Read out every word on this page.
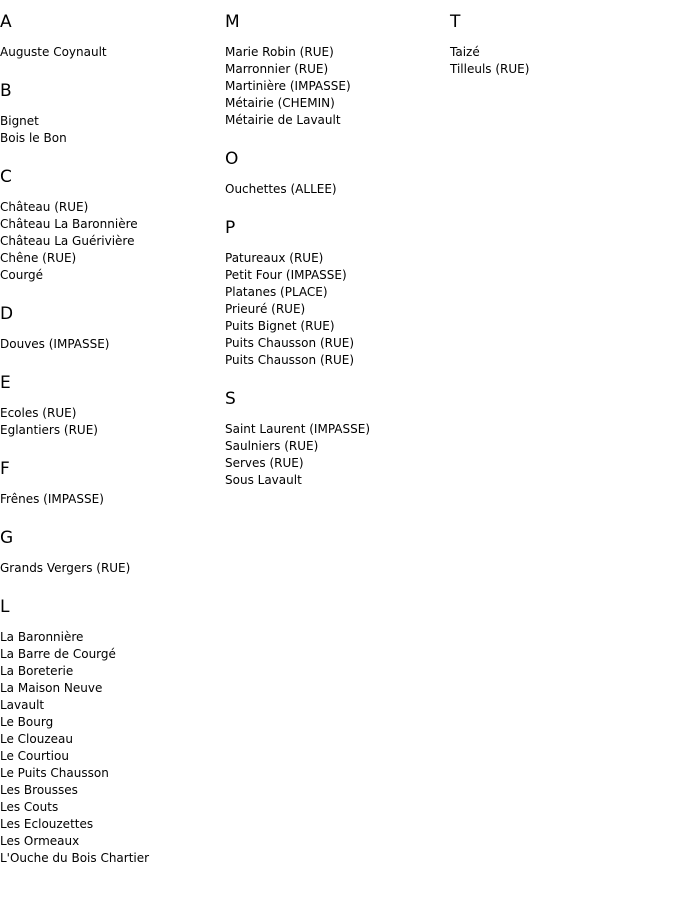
A
Auguste Coynault
B
Bignet
Bois le Bon
C
Château (RUE)
Château La Baronnière
Château La Guérivière
Chêne (RUE)
Courgé
D
Douves (IMPASSE)
E
Ecoles (RUE)
Eglantiers (RUE)
F
Frênes (IMPASSE)
G
Grands Vergers (RUE)
L
La Baronnière
La Barre de Courgé
La Boreterie
La Maison Neuve
Lavault
Le Bourg
Le Clouzeau
Le Courtiou
Le Puits Chausson
Les Brousses
Les Couts
Les Eclouzettes
Les Ormeaux
L'Ouche du Bois Chartier
M
Marie Robin (RUE)
Marronnier (RUE)
Martinière (IMPASSE)
Métairie (CHEMIN)
Métairie de Lavault
O
Ouchettes (ALLEE)
P
Patureaux (RUE)
Petit Four (IMPASSE)
Platanes (PLACE)
Prieuré (RUE)
Puits Bignet (RUE)
Puits Chausson (RUE)
Puits Chausson (RUE)
S
Saint Laurent (IMPASSE)
Saulniers (RUE)
Serves (RUE)
Sous Lavault
T
Taizé
Tilleuls (RUE)
